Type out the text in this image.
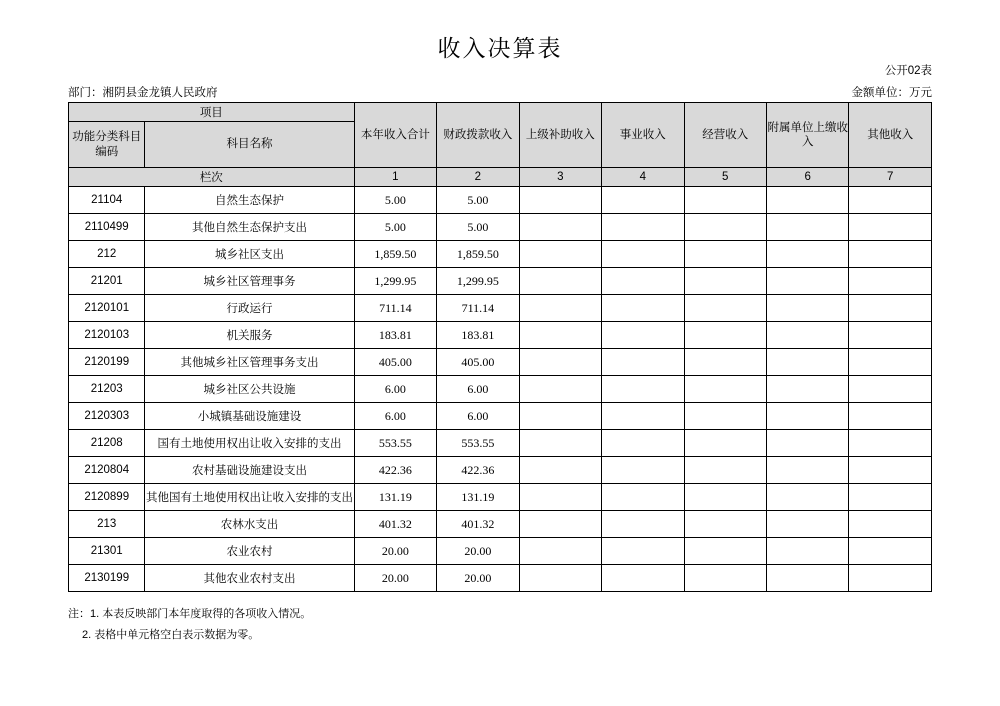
收入决算表
公开02表
部门：湘阴县金龙镇人民政府	金额单位：万元
项目		本年收入合计	财政拨款收入	上级补助收入	事业收入	经营收入	附属单位上缴收入	其他收入
功能分类科目编码	科目名称							
栏次		1	2	3	4	5	6	7
21104	自然生态保护	5.00	5.00					
2110499	其他自然生态保护支出	5.00	5.00					
212	城乡社区支出	1,859.50	1,859.50					
21201	城乡社区管理事务	1,299.95	1,299.95					
2120101	行政运行	711.14	711.14					
2120103	机关服务	183.81	183.81					
2120199	其他城乡社区管理事务支出	405.00	405.00					
21203	城乡社区公共设施	6.00	6.00					
2120303	小城镇基础设施建设	6.00	6.00					
21208	国有土地使用权出让收入安排的支出	553.55	553.55					
2120804	农村基础设施建设支出	422.36	422.36					
2120899	其他国有土地使用权出让收入安排的支出	131.19	131.19					
213	农林水支出	401.32	401.32					
21301	农业农村	20.00	20.00					
2130199	其他农业农村支出	20.00	20.00					
注：1. 本表反映部门本年度取得的各项收入情况。
2. 表格中单元格空白表示数据为零。
